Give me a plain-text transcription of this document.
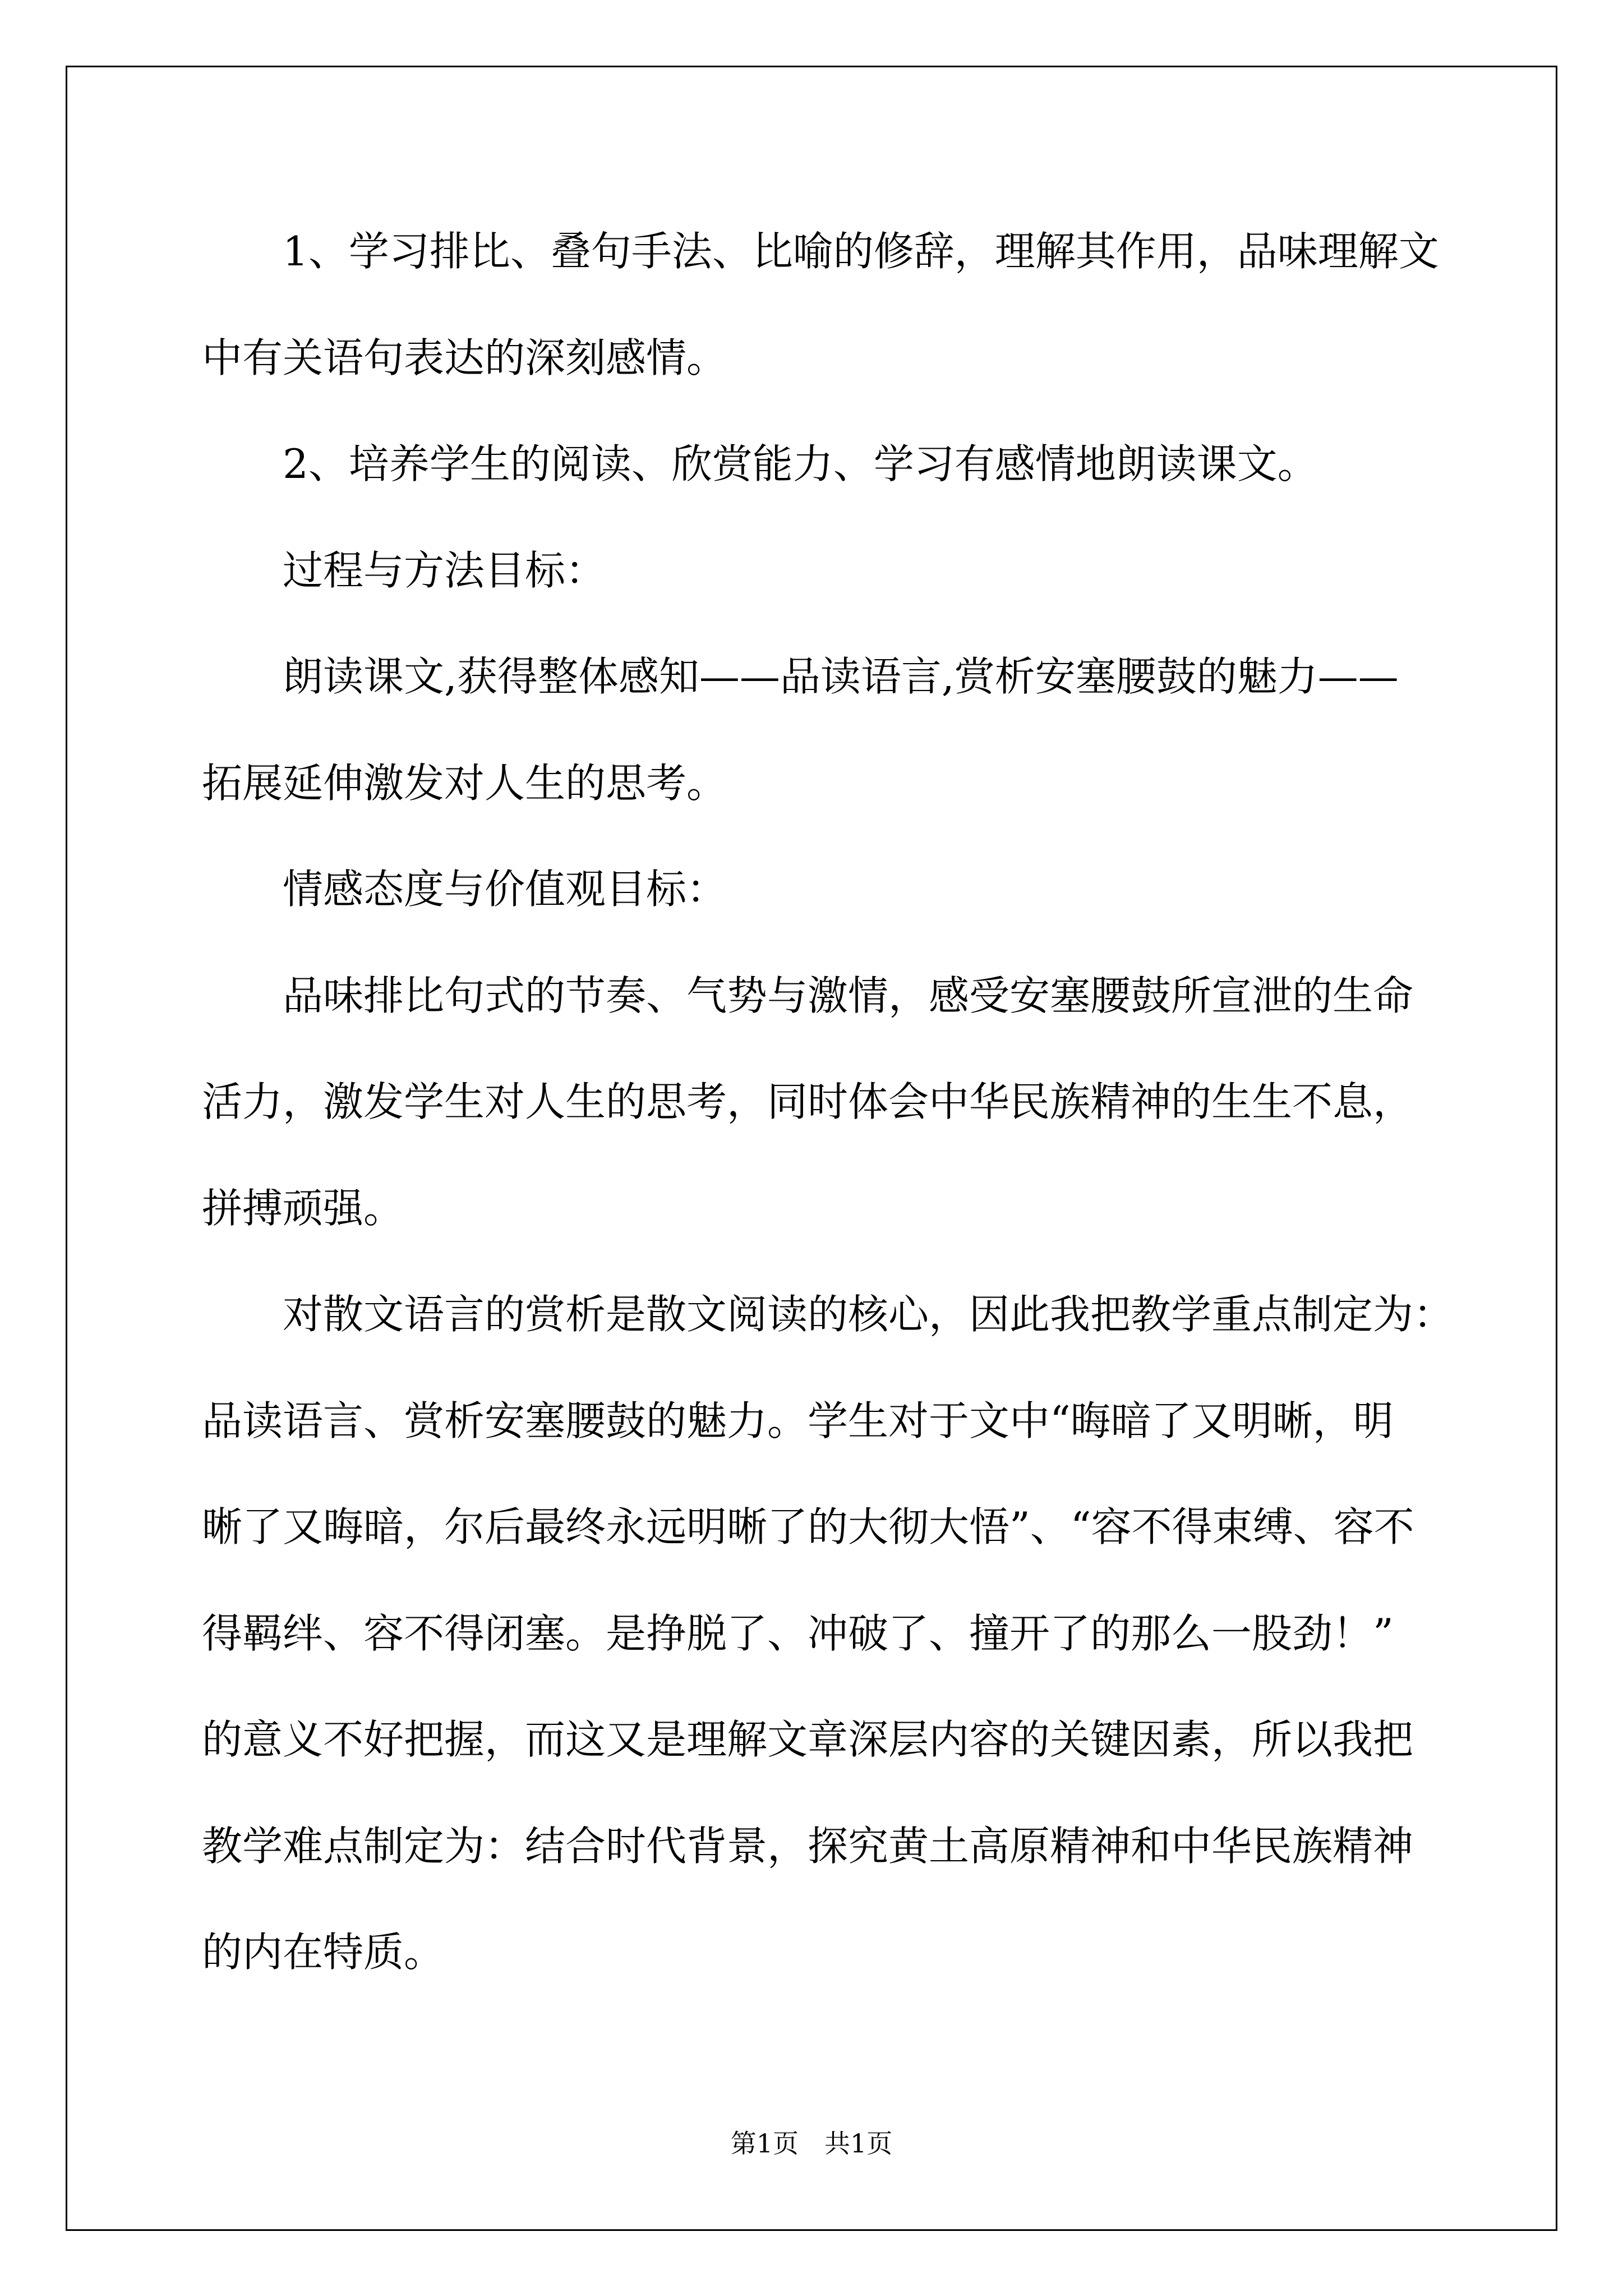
1、学习排比、叠句手法、比喻的修辞，理解其作用，品味理解文
中有关语句表达的深刻感情。
2、培养学生的阅读、欣赏能力、学习有感情地朗读课文。
过程与方法目标：
朗读课文,获得整体感知——品读语言,赏析安塞腰鼓的魅力——
拓展延伸激发对人生的思考。
情感态度与价值观目标：
品味排比句式的节奏、气势与激情，感受安塞腰鼓所宣泄的生命
活力，激发学生对人生的思考，同时体会中华民族精神的生生不息，
拼搏顽强。
对散文语言的赏析是散文阅读的核心，因此我把教学重点制定为：
品读语言、赏析安塞腰鼓的魅力。学生对于文中“晦暗了又明晰，明
晰了又晦暗，尔后最终永远明晰了的大彻大悟”、“容不得束缚、容不
得羁绊、容不得闭塞。是挣脱了、冲破了、撞开了的那么一股劲！”
的意义不好把握，而这又是理解文章深层内容的关键因素，所以我把
教学难点制定为：结合时代背景，探究黄土高原精神和中华民族精神
的内在特质。
第1页　共1页
